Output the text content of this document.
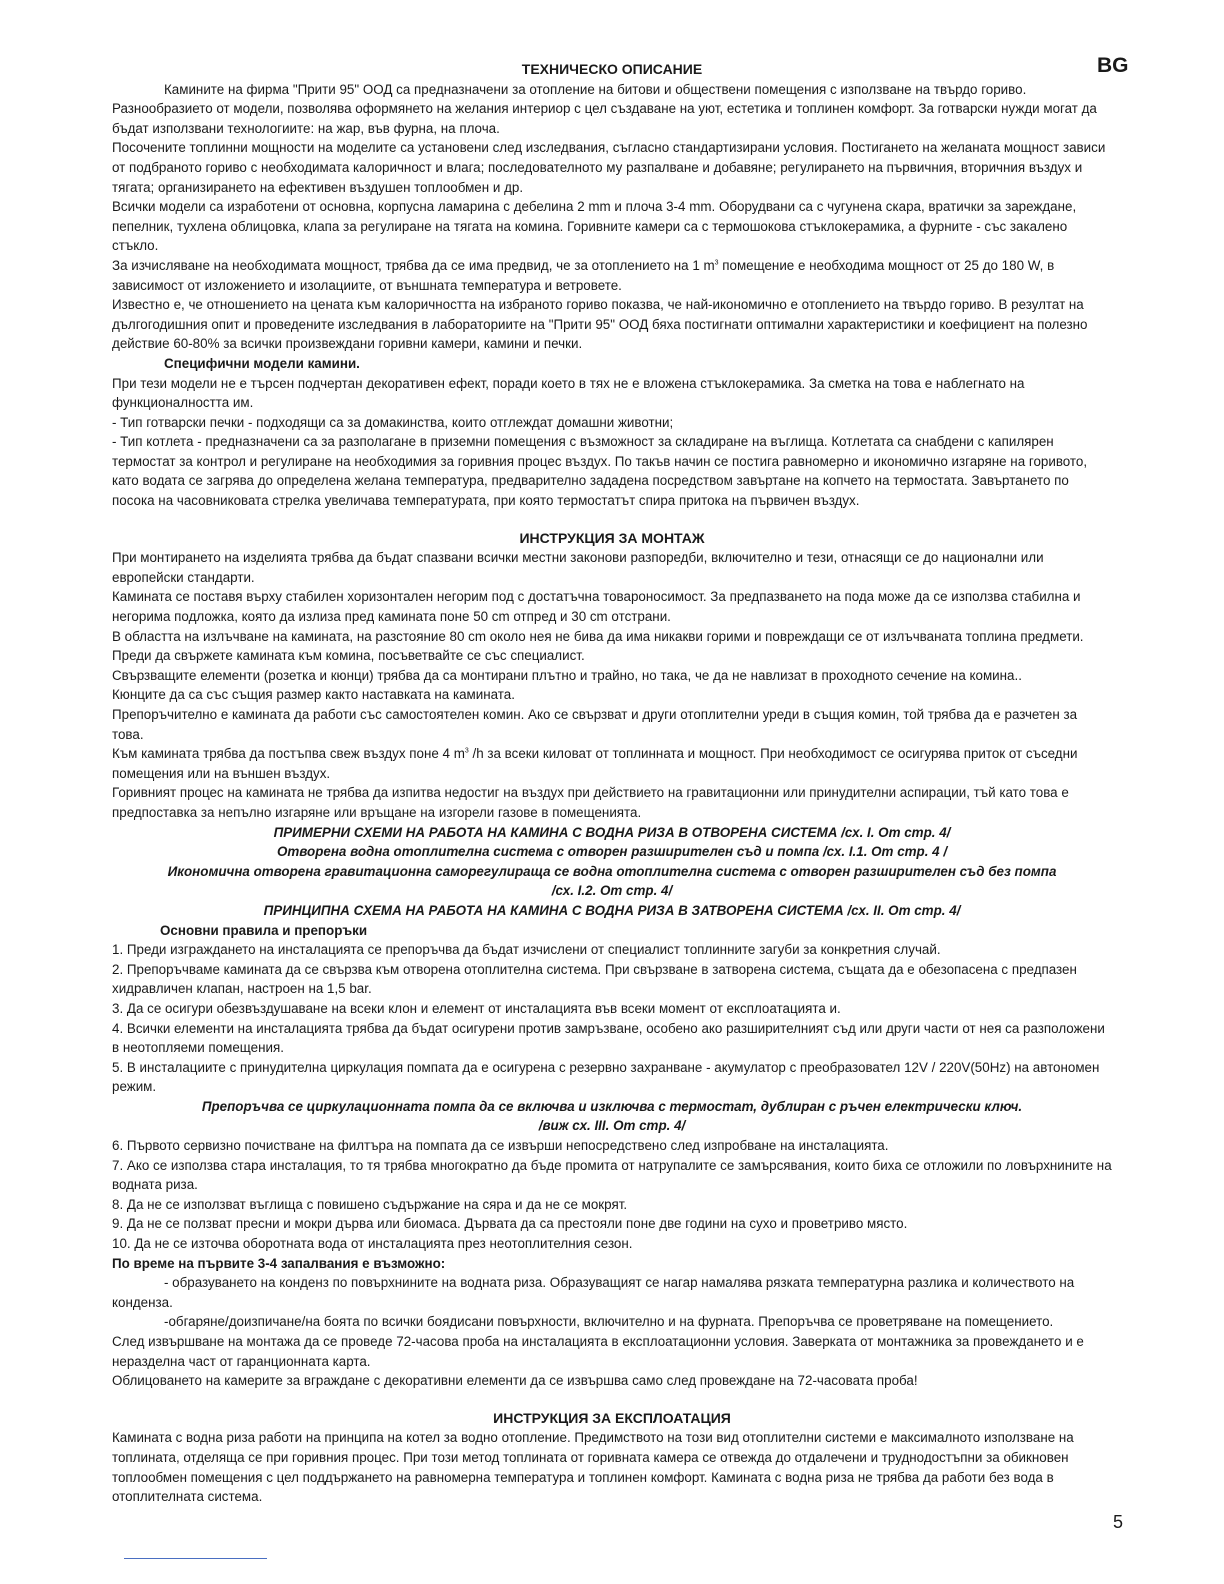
BG
ТЕХНИЧЕСКО ОПИСАНИЕ

Камините на фирма "Прити 95" ООД са предназначени за отопление на битови и обществени помещения с използване на твърдо гориво. Разнообразието от модели, позволява оформянето на желания интериор с цел създаване на уют, естетика и топлинен комфорт. За готварски нужди могат да бъдат използвани технологиите: на жар, във фурна, на плоча.

Посочените топлинни мощности на моделите са установени след изследвания, съгласно стандартизирани условия. Постигането на желаната мощност зависи от подбраното гориво с необходимата калоричност и влага; последователното му разпалване и добавяне; регулирането на първичния, вторичния въздух и тягата; организирането на ефективен въздушен топлообмен и др.

Всички модели са изработени от основна, корпусна ламарина с дебелина 2 mm и плоча 3-4 mm. Оборудвани са с чугунена скара, вратички за зареждане, пепелник, тухлена облицовка, клапа за регулиране на тягата на комина. Горивните камери са с термошокова стъклокерамика, а фурните - със закалено стъкло.

За изчисляване на необходимата мощност, трябва да се има предвид, че за отоплението на 1 $m^3$ помещение е необходима мощност от 25 до 180 W, в зависимост от изложението и изолациите, от външната температура и ветровете.

Известно е, че отношението на цената към калоричността на избраното гориво показва, че най-икономично е отоплението на твърдо гориво. В резултат на дългогодишния опит и проведените изследвания в лабораториите на "Прити 95" ООД бяха постигнати оптимални характеристики и коефициент на полезно действие 60-80% за всички произвеждани горивни камери, камини и печки.

Специфични модели камини.

При тези модели не е търсен подчертан декоративен ефект, поради което в тях не е вложена стъклокерамика. За сметка на това е наблегнато на функционалността им.

- Тип готварски печки - подходящи са за домакинства, които отглеждат домашни животни;

- Тип котлета - предназначени са за разполагане в приземни помещения с възможност за складиране на въглища. Котлетата са снабдени с капилярен термостат за контрол и регулиране на необходимия за горивния процес въздух. По такъв начин се постига равномерно и икономично изгаряне на горивото, като водата се загрява до определена желана температура, предварително зададена посредством завъртане на копчето на термостата. Завъртането по посока на часовниковата стрелка увеличава температурата, при която термостатът спира притока на първичен въздух.

ИНСТРУКЦИЯ ЗА МОНТАЖ

При монтирането на изделията трябва да бъдат спазвани всички местни законови разпоредби, включително и тези, отнасящи се до национални или европейски стандарти.

Камината се поставя върху стабилен хоризонтален негорим под с достатъчна товароносимост. За предпазването на пода може да се използва стабилна и негорима подложка, която да излиза пред камината поне 50 cm отпред и 30 cm отстрани.

В областта на излъчване на камината, на разстояние 80 cm около нея не бива да има никакви горими и повреждащи се от излъчваната топлина предмети.

Преди да свържете камината към комина, посъветвайте се със специалист.

Свързващите елементи (розетка и кюнци) трябва да са монтирани плътно и трайно, но така, че да не навлизат в проходното сечение на комина..

Кюнците да са със същия размер както наставката на камината.

Препоръчително е камината да работи със самостоятелен комин. Ако се свързват и други отоплителни уреди в същия комин, той трябва да е разчетен за това.

Към камината трябва да постъпва свеж въздух поне 4 $m^3$ /h за всеки киловат от топлинната и мощност. При необходимост се осигурява приток от съседни помещения или на външен въздух.

Горивният процес на камината не трябва да изпитва недостиг на въздух при действието на гравитационни или принудителни аспирации, тъй като това е предпоставка за непълно изгаряне или връщане на изгорели газове в помещенията.

ПРИМЕРНИ СХЕМИ НА РАБОТА НА КАМИНА С ВОДНА РИЗА В ОТВОРЕНА СИСТЕМА /сх. I. От стр. 4/

Отворена водна отоплителна система с отворен разширителен съд и помпа /сх. I.1. От стр. 4 /

Икономична отворена гравитационна саморегулираща се водна отоплителна система с отворен разширителен съд без помпа

/сх. I.2. От стр. 4/

ПРИНЦИПНА СХЕМА НА РАБОТА НА КАМИНА С ВОДНА РИЗА В ЗАТВОРЕНА СИСТЕМА /сх. II. От стр. 4/

Основни правила и препоръки

1. Преди изграждането на инсталацията се препоръчва да бъдат изчислени от специалист топлинните загуби за конкретния случай.

2. Препоръчваме камината да се свързва към отворена отоплителна система. При свързване в затворена система, същата да е обезопасена с предпазен хидравличен клапан, настроен на 1,5 bar.

3. Да се осигури обезвъздушаване на всеки клон и елемент от инсталацията във всеки момент от експлоатацията и.

4. Всички елементи на инсталацията трябва да бъдат осигурени против замръзване, особено ако разширителният съд или други части от нея са разположени в неотопляеми помещения.

5. В инсталациите с принудителна циркулация помпата да е осигурена с резервно захранване - акумулатор с преобразовател 12V / 220V(50Hz) на автономен режим.

Препоръчва се циркулационната помпа да се включва и изключва с термостат, дублиран с ръчен електрически ключ.

/виж сх. III. От стр. 4/

6. Първото сервизно почистване на филтъра на помпата да се извърши непосредствено след изпробване на инсталацията.

7. Ако се използва стара инсталация, то тя трябва многократно да бъде промита от натрупалите се замърсявания, които биха се отложили по ловърхнините на водната риза.

8. Да не се използват въглища с повишено съдържание на сяра и да не се мокрят.

9. Да не се ползват пресни и мокри дърва или биомаса. Дървата да са престояли поне две години на сухо и проветриво място.

10. Да не се източва оборотната вода от инсталацията през неотоплителния сезон.

По време на първите 3-4 запалвания е възможно:

- образуването на конденз по повърхнините на водната риза. Образуващият се нагар намалява рязката температурна разлика и количеството на конденза.

-обгаряне/доизпичане/на боята по всички боядисани повърхности, включително и на фурната. Препоръчва се проветряване на помещението.

След извършване на монтажа да се проведе 72-часова проба на инсталацията в експлоатационни условия. Заверката от монтажника за провеждането и е неразделна част от гаранционната карта.

Облицоването на камерите за вграждане с декоративни елементи да се извършва само след провеждане на 72-часовата проба!

ИНСТРУКЦИЯ ЗА ЕКСПЛОАТАЦИЯ

Камината с водна риза работи на принципа на котел за водно отопление. Предимството на този вид отоплителни системи е максималното използване на топлината, отделяща се при горивния процес. При този метод топлината от горивната камера се отвежда до отдалечени и труднодостъпни за обикновен топлообмен помещения с цел поддържането на равномерна температура и топлинен комфорт. Камината с водна риза не трябва да работи без вода в отоплителната система.

5
